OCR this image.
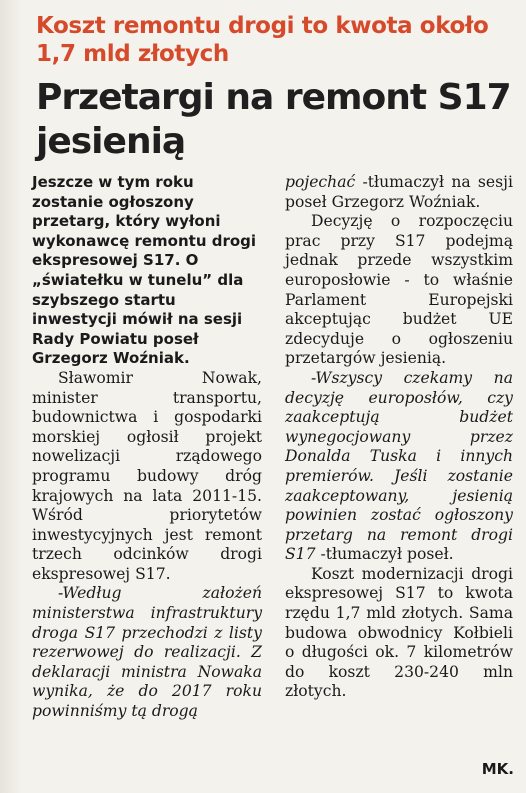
Koszt remontu drogi to kwota około 1,7 mld złotych
Przetargi na remont S17 jesienią

Jeszcze w tym roku zostanie ogłoszony przetarg, który wyłoni wykonawcę remontu drogi ekspresowej S17. O „światełku w tunelu” dla szybszego startu inwestycji mówił na sesji Rady Powiatu poseł Grzegorz Woźniak.

Sławomir Nowak, minister transportu, budownictwa i gospodarki morskiej ogłosił projekt nowelizacji rządowego programu budowy dróg krajowych na lata 2011-15. Wśród priorytetów inwestycyjnych jest remont trzech odcinków drogi ekspresowej S17.

-Według założeń ministerstwa infrastruktury droga S17 przechodzi z listy rezerwowej do realizacji. Z deklaracji ministra Nowaka wynika, że do 2017 roku powinniśmy tą drogą

pojechać -tłumaczył na sesji poseł Grzegorz Woźniak.

Decyzję o rozpoczęciu prac przy S17 podejmą jednak przede wszystkim europosłowie - to właśnie Parlament Europejski akceptując budżet UE zdecyduje o ogłoszeniu przetargów jesienią.

-Wszyscy czekamy na decyzję europosłów, czy zaakceptują budżet wynegocjowany przez Donalda Tuska i innych premierów. Jeśli zostanie zaakceptowany, jesienią powinien zostać ogłoszony przetarg na remont drogi S17 -tłumaczył poseł.

Koszt modernizacji drogi ekspresowej S17 to kwota rzędu 1,7 mld złotych. Sama budowa obwodnicy Kołbieli o długości ok. 7 kilometrów do koszt 230-240 mln złotych.

MK.
